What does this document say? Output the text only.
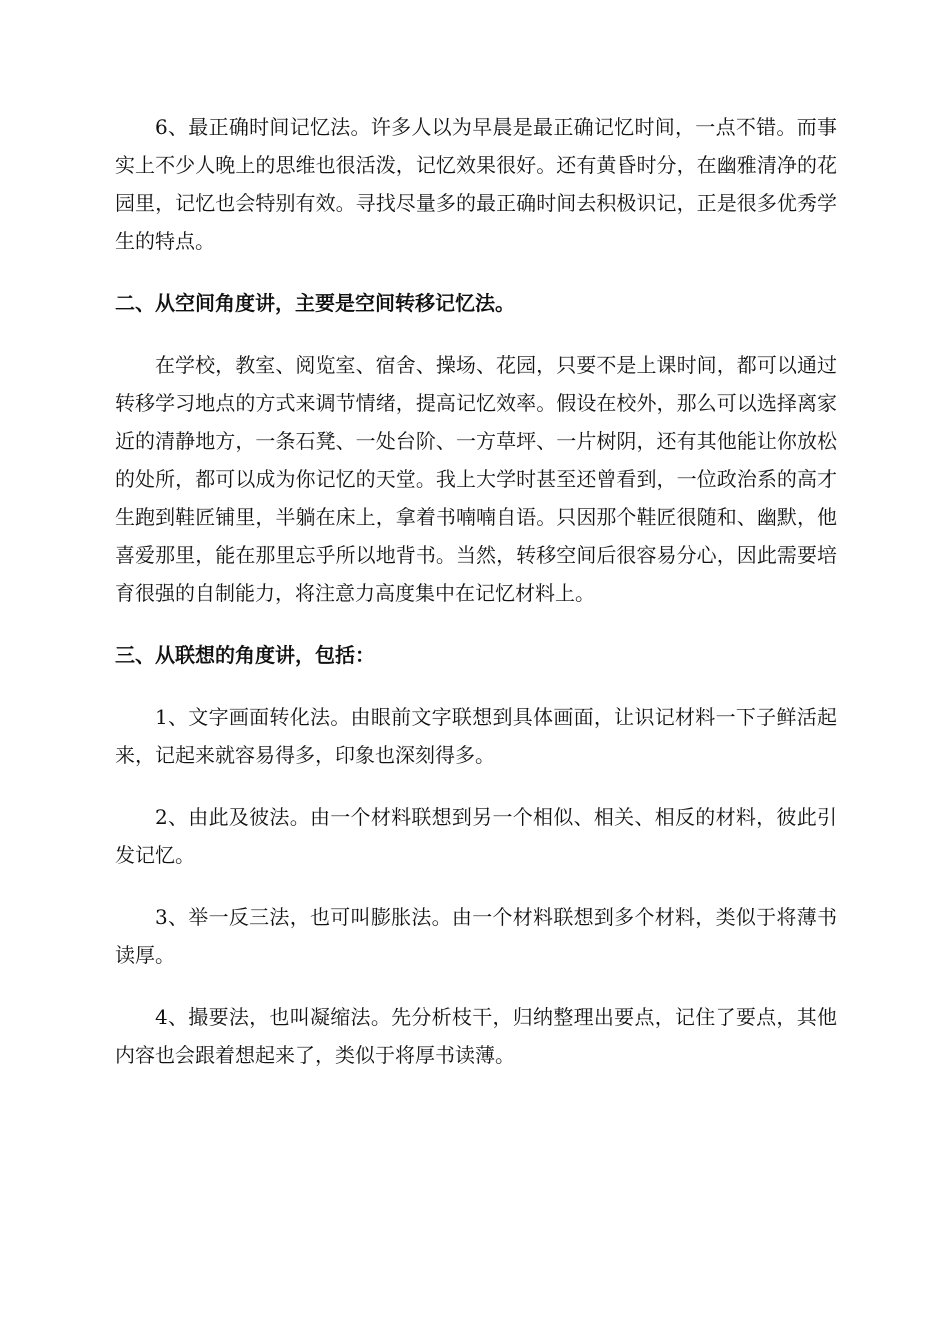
6、最正确时间记忆法。许多人以为早晨是最正确记忆时间，一点不错。而事实上不少人晚上的思维也很活泼，记忆效果很好。还有黄昏时分，在幽雅清净的花园里，记忆也会特别有效。寻找尽量多的最正确时间去积极识记，正是很多优秀学生的特点。

二、从空间角度讲，主要是空间转移记忆法。

在学校，教室、阅览室、宿舍、操场、花园，只要不是上课时间，都可以通过转移学习地点的方式来调节情绪，提高记忆效率。假设在校外，那么可以选择离家近的清静地方，一条石凳、一处台阶、一方草坪、一片树阴，还有其他能让你放松的处所，都可以成为你记忆的天堂。我上大学时甚至还曾看到，一位政治系的高才生跑到鞋匠铺里，半躺在床上，拿着书喃喃自语。只因那个鞋匠很随和、幽默，他喜爱那里，能在那里忘乎所以地背书。当然，转移空间后很容易分心，因此需要培育很强的自制能力，将注意力高度集中在记忆材料上。

三、从联想的角度讲，包括：

1、文字画面转化法。由眼前文字联想到具体画面，让识记材料一下子鲜活起来，记起来就容易得多，印象也深刻得多。

2、由此及彼法。由一个材料联想到另一个相似、相关、相反的材料，彼此引发记忆。

3、举一反三法，也可叫膨胀法。由一个材料联想到多个材料，类似于将薄书读厚。

4、撮要法，也叫凝缩法。先分析枝干，归纳整理出要点，记住了要点，其他内容也会跟着想起来了，类似于将厚书读薄。
